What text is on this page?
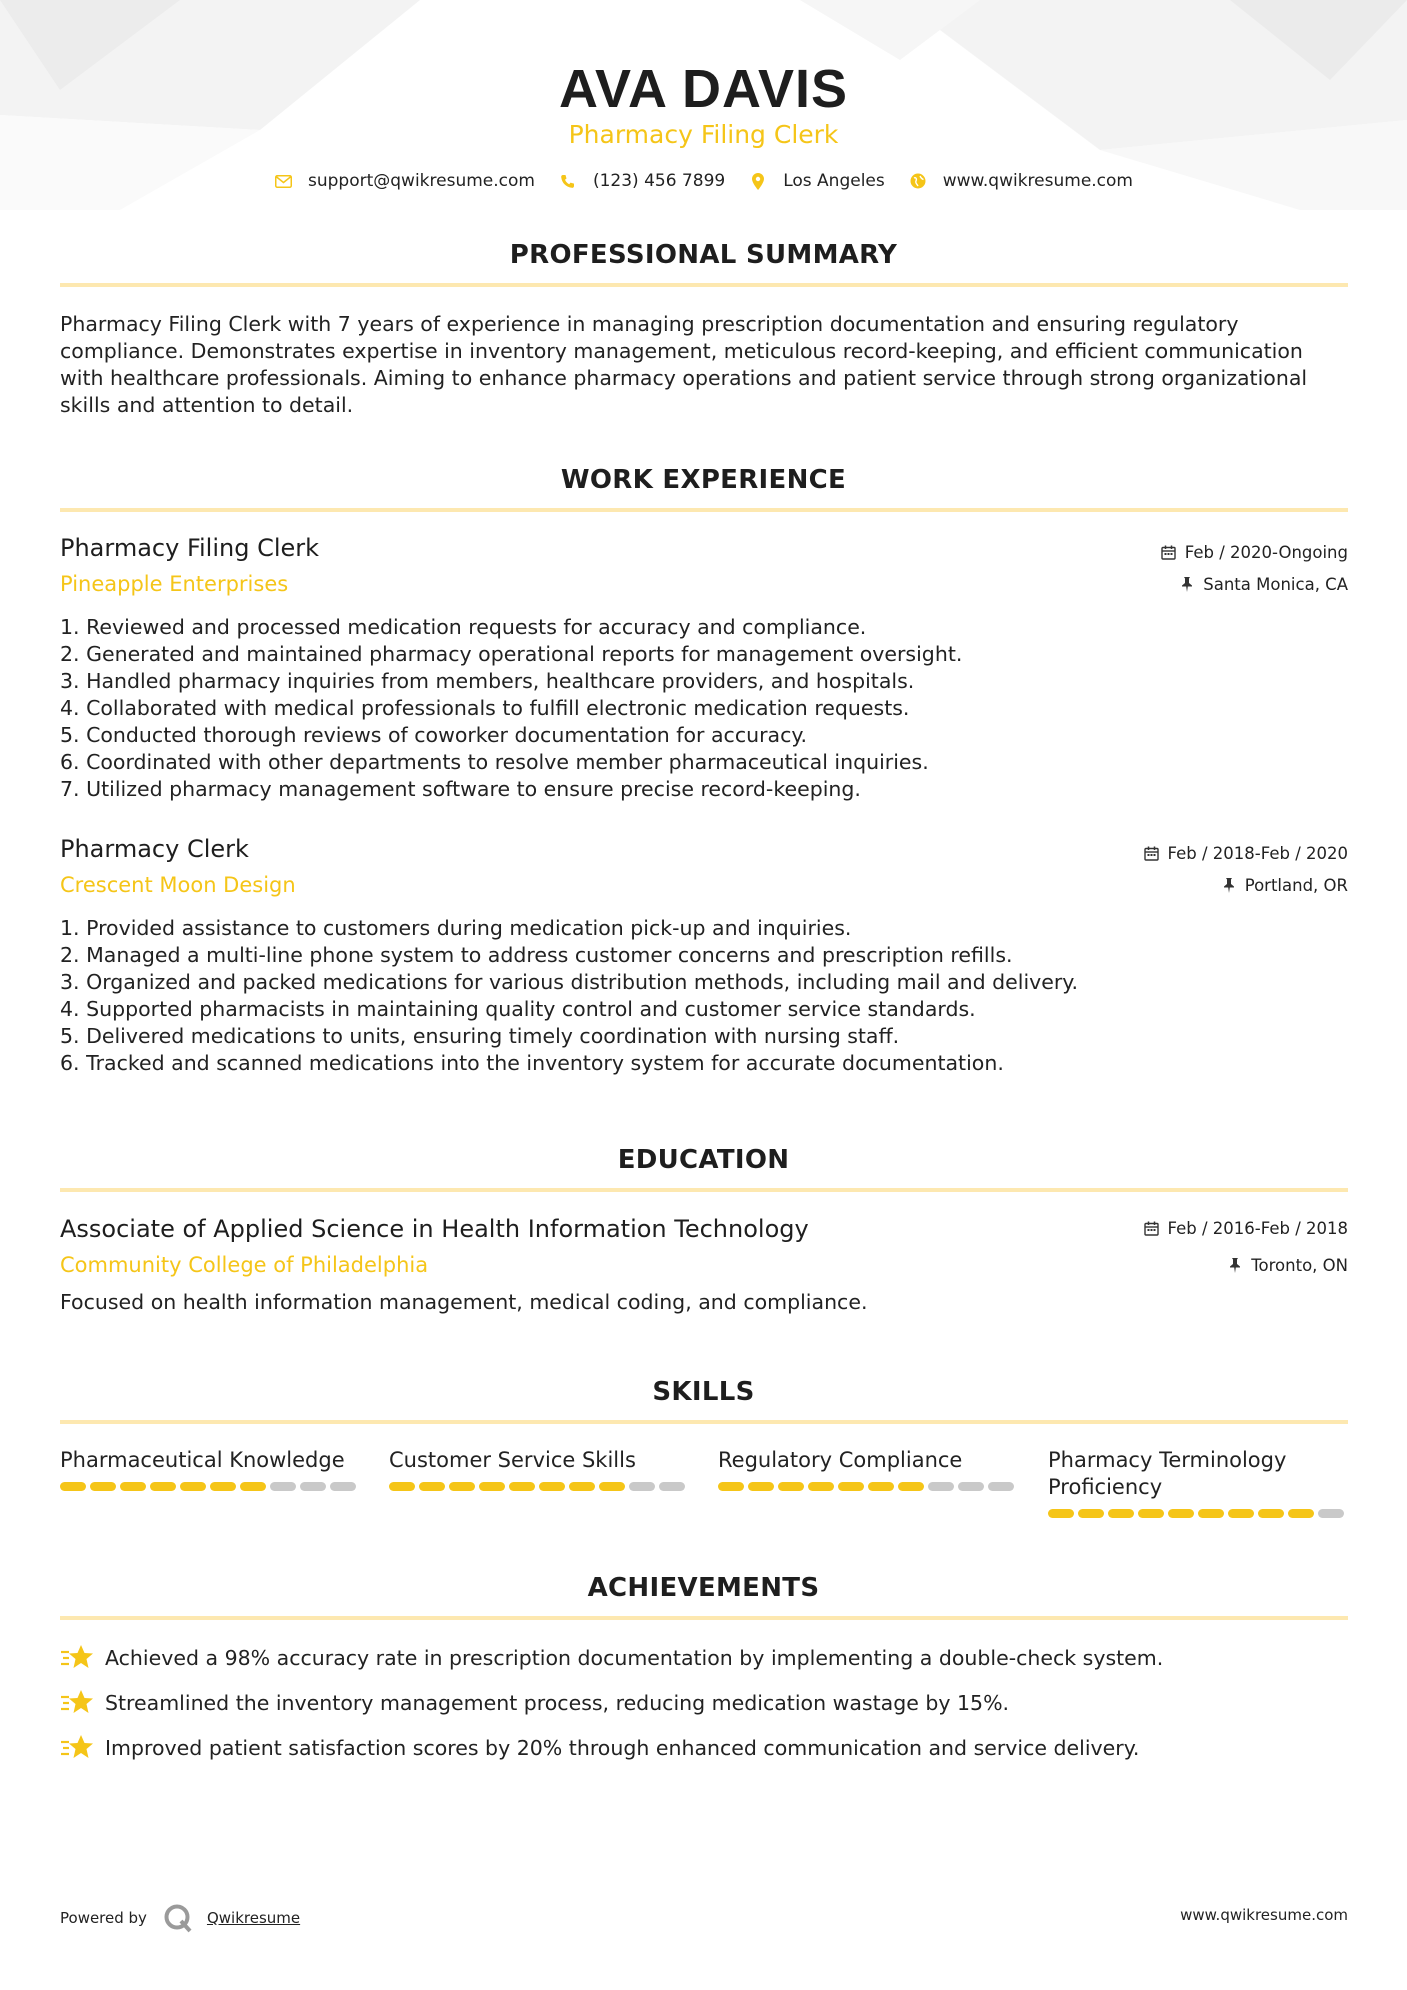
AVA DAVIS
Pharmacy Filing Clerk
support@qwikresume.com	(123) 456 7899	Los Angeles	www.qwikresume.com
PROFESSIONAL SUMMARY
Pharmacy Filing Clerk with 7 years of experience in managing prescription documentation and ensuring regulatory
compliance. Demonstrates expertise in inventory management, meticulous record-keeping, and efficient communication
with healthcare professionals. Aiming to enhance pharmacy operations and patient service through strong organizational
skills and attention to detail.
WORK EXPERIENCE
Pharmacy Filing Clerk
Pineapple Enterprises
Feb / 2020-Ongoing
Santa Monica, CA
1. Reviewed and processed medication requests for accuracy and compliance.
2. Generated and maintained pharmacy operational reports for management oversight.
3. Handled pharmacy inquiries from members, healthcare providers, and hospitals.
4. Collaborated with medical professionals to fulfill electronic medication requests.
5. Conducted thorough reviews of coworker documentation for accuracy.
6. Coordinated with other departments to resolve member pharmaceutical inquiries.
7. Utilized pharmacy management software to ensure precise record-keeping.
Pharmacy Clerk
Crescent Moon Design
Feb / 2018-Feb / 2020
Portland, OR
1. Provided assistance to customers during medication pick-up and inquiries.
2. Managed a multi-line phone system to address customer concerns and prescription refills.
3. Organized and packed medications for various distribution methods, including mail and delivery.
4. Supported pharmacists in maintaining quality control and customer service standards.
5. Delivered medications to units, ensuring timely coordination with nursing staff.
6. Tracked and scanned medications into the inventory system for accurate documentation.
EDUCATION
Associate of Applied Science in Health Information Technology
Community College of Philadelphia
Feb / 2016-Feb / 2018
Toronto, ON
Focused on health information management, medical coding, and compliance.
SKILLS
Pharmaceutical Knowledge	Customer Service Skills	Regulatory Compliance	Pharmacy Terminology Proficiency
ACHIEVEMENTS
Achieved a 98% accuracy rate in prescription documentation by implementing a double-check system.
Streamlined the inventory management process, reducing medication wastage by 15%.
Improved patient satisfaction scores by 20% through enhanced communication and service delivery.
Powered by	Qwikresume	www.qwikresume.com
